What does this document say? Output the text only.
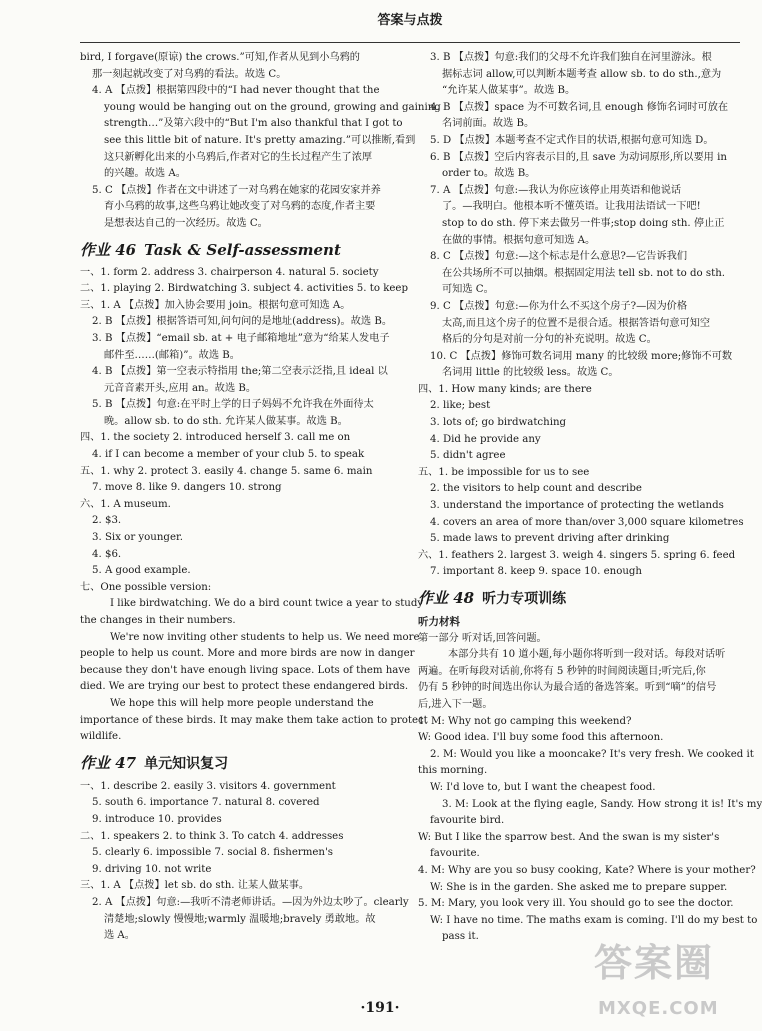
答案与点拨
bird, I forgave(原谅) the crows.”可知,作者从见到小乌鸦的
那一刻起就改变了对乌鸦的看法。故选 C。
4. A 【点拨】根据第四段中的“I had never thought that the
young would be hanging out on the ground, growing and gaining
strength…”及第六段中的“But I'm also thankful that I got to
see this little bit of nature. It's pretty amazing.”可以推断,看到
这只新孵化出来的小乌鸦后,作者对它的生长过程产生了浓厚
的兴趣。故选 A。
5. C 【点拨】作者在文中讲述了一对乌鸦在她家的花园安家并养
育小乌鸦的故事,这些乌鸦让她改变了对乌鸦的态度,作者主要
是想表达自己的一次经历。故选 C。
作业 46 Task & Self-assessment
一、1. form 2. address 3. chairperson 4. natural 5. society
二、1. playing 2. Birdwatching 3. subject 4. activities 5. to keep
三、1. A 【点拨】加入协会要用 join。根据句意可知选 A。
2. B 【点拨】根据答语可知,问句问的是地址(address)。故选 B。
3. B 【点拨】“email sb. at + 电子邮箱地址”意为“给某人发电子
邮件至……(邮箱)”。故选 B。
4. B 【点拨】第一空表示特指用 the;第二空表示泛指,且 ideal 以
元音音素开头,应用 an。故选 B。
5. B 【点拨】句意:在平时上学的日子妈妈不允许我在外面待太
晚。allow sb. to do sth. 允许某人做某事。故选 B。
四、1. the society 2. introduced herself 3. call me on
4. if I can become a member of your club 5. to speak
五、1. why 2. protect 3. easily 4. change 5. same 6. main
7. move 8. like 9. dangers 10. strong
六、1. A museum.
2. $3.
3. Six or younger.
4. $6.
5. A good example.
七、One possible version:
I like birdwatching. We do a bird count twice a year to study
the changes in their numbers.
We're now inviting other students to help us. We need more
people to help us count. More and more birds are now in danger
because they don't have enough living space. Lots of them have
died. We are trying our best to protect these endangered birds.
We hope this will help more people understand the
importance of these birds. It may make them take action to protect
wildlife.
作业 47 单元知识复习
一、1. describe 2. easily 3. visitors 4. government
5. south 6. importance 7. natural 8. covered
9. introduce 10. provides
二、1. speakers 2. to think 3. To catch 4. addresses
5. clearly 6. impossible 7. social 8. fishermen's
9. driving 10. not write
三、1. A 【点拨】let sb. do sth. 让某人做某事。
2. A 【点拨】句意:—我听不清老师讲话。—因为外边太吵了。clearly
清楚地;slowly 慢慢地;warmly 温暖地;bravely 勇敢地。故
选 A。
3. B 【点拨】句意:我们的父母不允许我们独自在河里游泳。根
据标志词 allow,可以判断本题考查 allow sb. to do sth.,意为
“允许某人做某事”。故选 B。
4. B 【点拨】space 为不可数名词,且 enough 修饰名词时可放在
名词前面。故选 B。
5. D 【点拨】本题考查不定式作目的状语,根据句意可知选 D。
6. B 【点拨】空后内容表示目的,且 save 为动词原形,所以要用 in
order to。故选 B。
7. A 【点拨】句意:—我认为你应该停止用英语和他说话
了。—我明白。他根本听不懂英语。让我用法语试一下吧!
stop to do sth. 停下来去做另一件事;stop doing sth. 停止正
在做的事情。根据句意可知选 A。
8. C 【点拨】句意:—这个标志是什么意思?—它告诉我们
在公共场所不可以抽烟。根据固定用法 tell sb. not to do sth.
可知选 C。
9. C 【点拨】句意:—你为什么不买这个房子?—因为价格
太高,而且这个房子的位置不是很合适。根据答语句意可知空
格后的分句是对前一分句的补充说明。故选 C。
10. C 【点拨】修饰可数名词用 many 的比较级 more;修饰不可数
名词用 little 的比较级 less。故选 C。
四、1. How many kinds; are there
2. like; best
3. lots of; go birdwatching
4. Did he provide any
5. didn't agree
五、1. be impossible for us to see
2. the visitors to help count and describe
3. understand the importance of protecting the wetlands
4. covers an area of more than/over 3,000 square kilometres
5. made laws to prevent driving after drinking
六、1. feathers 2. largest 3. weigh 4. singers 5. spring 6. feed
7. important 8. keep 9. space 10. enough
作业 48 听力专项训练
听力材料
第一部分 听对话,回答问题。
本部分共有 10 道小题,每小题你将听到一段对话。每段对话听
两遍。在听每段对话前,你将有 5 秒钟的时间阅读题目;听完后,你
仍有 5 秒钟的时间选出你认为最合适的备选答案。听到“嘀”的信号
后,进入下一题。
1. M: Why not go camping this weekend?
W: Good idea. I'll buy some food this afternoon.
2. M: Would you like a mooncake? It's very fresh. We cooked it
this morning.
W: I'd love to, but I want the cheapest food.
3. M: Look at the flying eagle, Sandy. How strong it is! It's my
favourite bird.
W: But I like the sparrow best. And the swan is my sister's
favourite.
4. M: Why are you so busy cooking, Kate? Where is your mother?
W: She is in the garden. She asked me to prepare supper.
5. M: Mary, you look very ill. You should go to see the doctor.
W: I have no time. The maths exam is coming. I'll do my best to
pass it.
·191·
答案圈
MXQE.COM
